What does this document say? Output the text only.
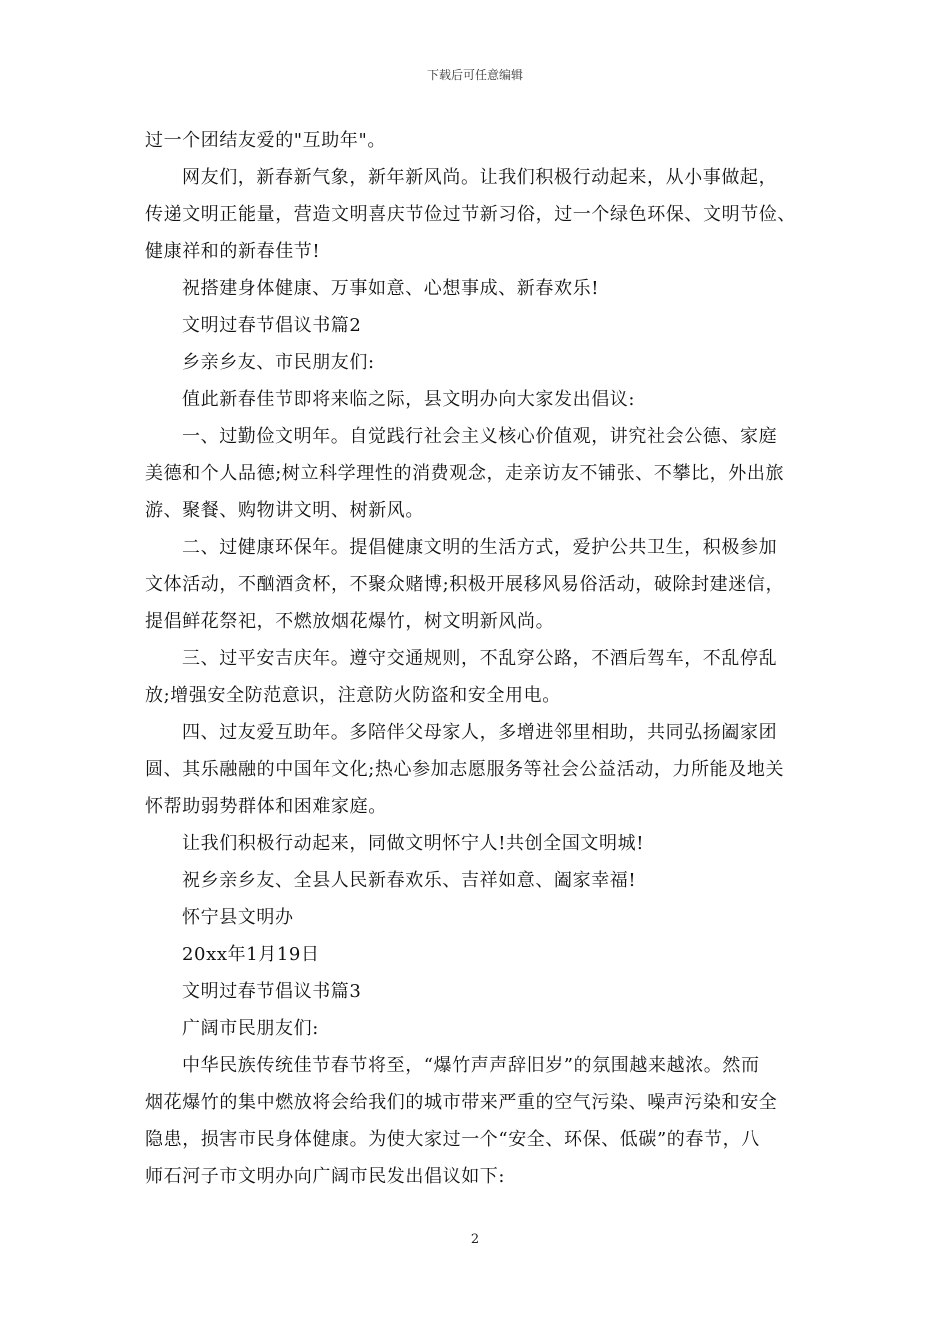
下载后可任意编辑
过一个团结友爱的"互助年"。
网友们，新春新气象，新年新风尚。让我们积极行动起来，从小事做起，
传递文明正能量，营造文明喜庆节俭过节新习俗，过一个绿色环保、文明节俭、
健康祥和的新春佳节!
祝搭建身体健康、万事如意、心想事成、新春欢乐!
文明过春节倡议书篇2
乡亲乡友、市民朋友们:
值此新春佳节即将来临之际，县文明办向大家发出倡议:
一、过勤俭文明年。自觉践行社会主义核心价值观，讲究社会公德、家庭
美德和个人品德;树立科学理性的消费观念，走亲访友不铺张、不攀比，外出旅
游、聚餐、购物讲文明、树新风。
二、过健康环保年。提倡健康文明的生活方式，爱护公共卫生，积极参加
文体活动，不酗酒贪杯，不聚众赌博;积极开展移风易俗活动，破除封建迷信，
提倡鲜花祭祀，不燃放烟花爆竹，树文明新风尚。
三、过平安吉庆年。遵守交通规则，不乱穿公路，不酒后驾车，不乱停乱
放;增强安全防范意识，注意防火防盗和安全用电。
四、过友爱互助年。多陪伴父母家人，多增进邻里相助，共同弘扬阖家团
圆、其乐融融的中国年文化;热心参加志愿服务等社会公益活动，力所能及地关
怀帮助弱势群体和困难家庭。
让我们积极行动起来，同做文明怀宁人!共创全国文明城!
祝乡亲乡友、全县人民新春欢乐、吉祥如意、阖家幸福!
怀宁县文明办
20xx年1月19日
文明过春节倡议书篇3
广阔市民朋友们:
中华民族传统佳节春节将至，“爆竹声声辞旧岁”的氛围越来越浓。然而
烟花爆竹的集中燃放将会给我们的城市带来严重的空气污染、噪声污染和安全
隐患，损害市民身体健康。为使大家过一个“安全、环保、低碳”的春节，八
师石河子市文明办向广阔市民发出倡议如下:
2
